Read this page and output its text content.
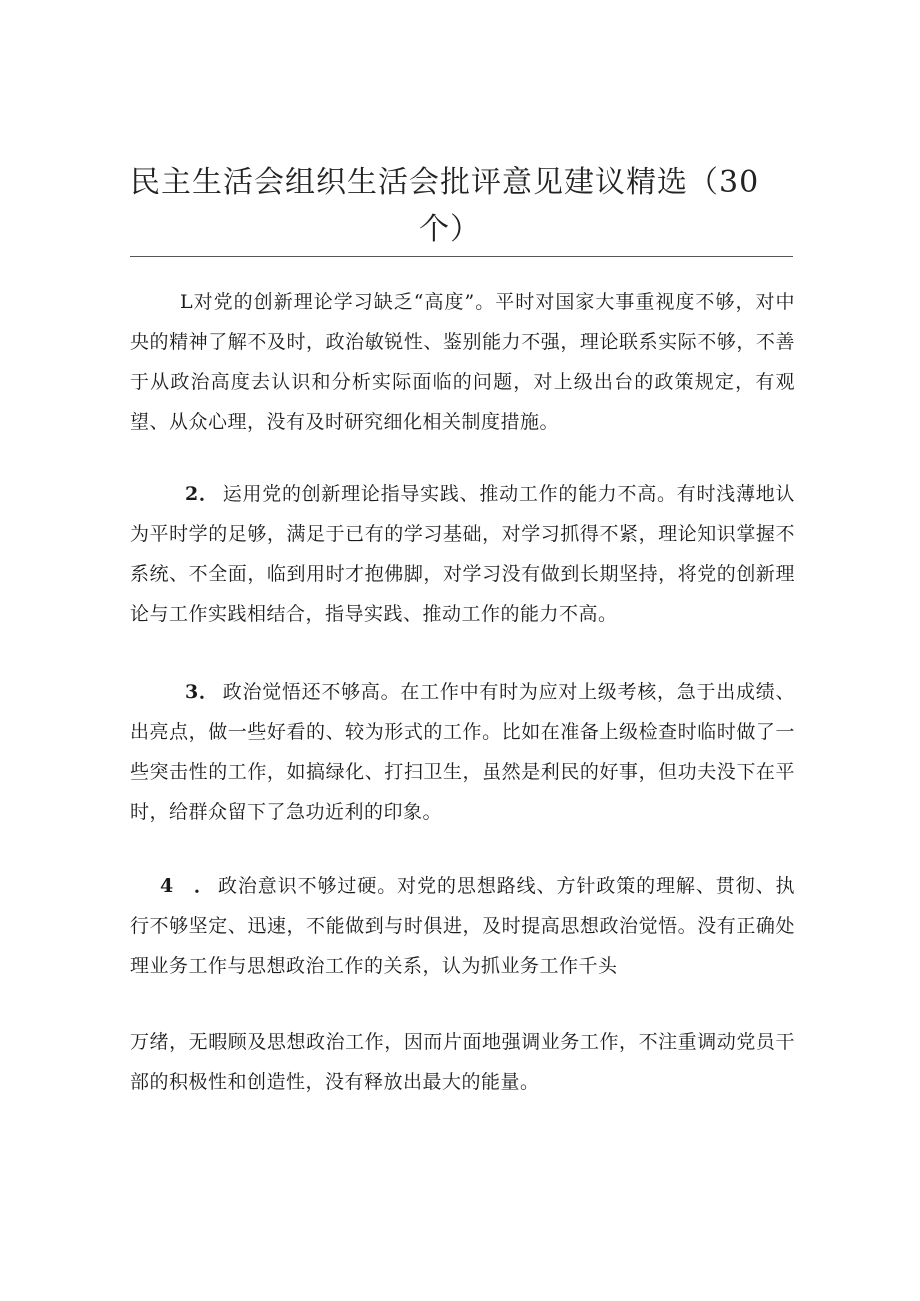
民主生活会组织生活会批评意见建议精选（30
个）

L对党的创新理论学习缺乏“高度”。平时对国家大事重视度不够，对中央的精神了解不及时，政治敏锐性、鉴别能力不强，理论联系实际不够，不善于从政治高度去认识和分析实际面临的问题，对上级出台的政策规定，有观望、从众心理，没有及时研究细化相关制度措施。

2． 运用党的创新理论指导实践、推动工作的能力不高。有时浅薄地认为平时学的足够，满足于已有的学习基础，对学习抓得不紧，理论知识掌握不系统、不全面，临到用时才抱佛脚，对学习没有做到长期坚持，将党的创新理论与工作实践相结合，指导实践、推动工作的能力不高。

3． 政治觉悟还不够高。在工作中有时为应对上级考核，急于出成绩、出亮点，做一些好看的、较为形式的工作。比如在准备上级检查时临时做了一些突击性的工作，如搞绿化、打扫卫生，虽然是利民的好事，但功夫没下在平时，给群众留下了急功近利的印象。

4　． 政治意识不够过硬。对党的思想路线、方针政策的理解、贯彻、执行不够坚定、迅速，不能做到与时俱进，及时提高思想政治觉悟。没有正确处理业务工作与思想政治工作的关系，认为抓业务工作千头

万绪，无暇顾及思想政治工作，因而片面地强调业务工作，不注重调动党员干部的积极性和创造性，没有释放出最大的能量。
